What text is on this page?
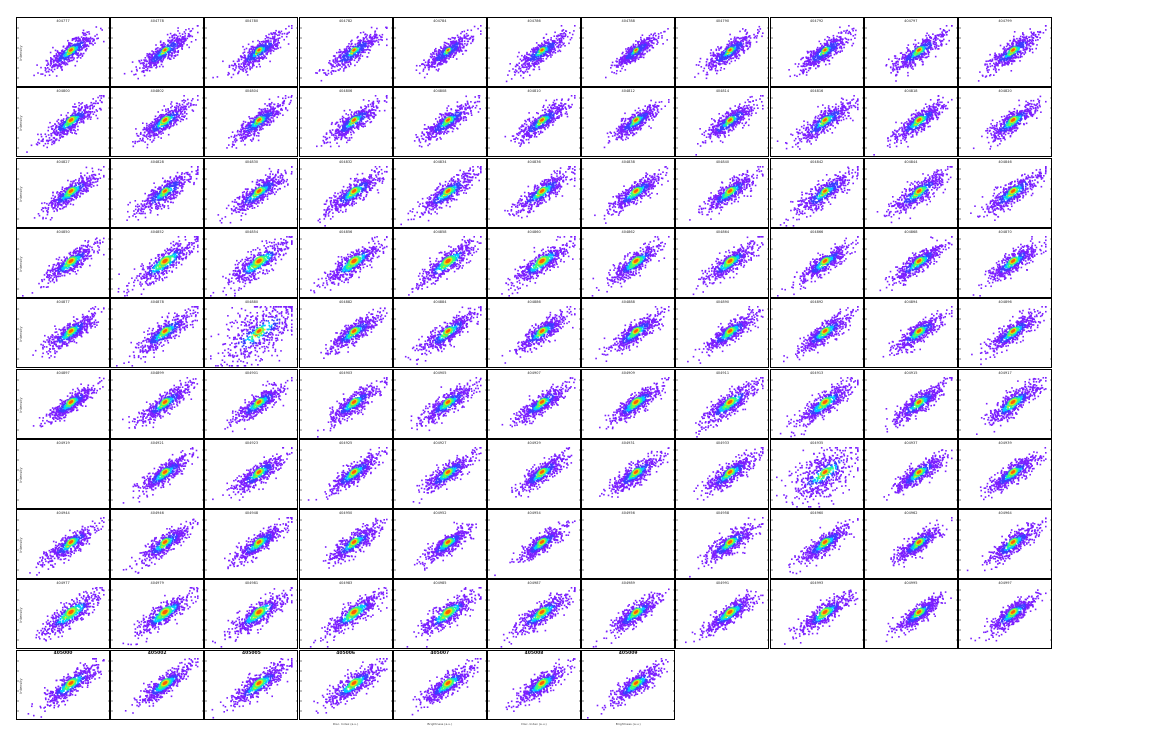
404777
Intensity
404778	404780	404782	404784	404786	404788	404790	404792	404797	404799
404800
Intensity
404802	404804	404806	404808	404810	404812	404814	404816	404818	404820
404827
Intensity
404828	404830	404832	404834	404836	404838	404840	404842	404844	404846
404850
Intensity
404852	404854	404856	404858	404860	404862	404864	404866	404868	404870
404877
Intensity
404878	404880	404882	404884	404886	404888	404890	404892	404894	404896
404897
Intensity
404899	404901	404903	404905	404907	404909	404911	404913	404915	404917
404919
Intensity
404921	404923	404925	404927	404929	404931	404933	404935	404937	404939
404944
Intensity
404946	404948	404950	404952	404954	404956	404958	404960	404962	404964
404977
Intensity
404979	404981	404983	404985	404987	404989	404991	404993	404995	404997
405000
Intensity
405002	405005	405006	405007	405008	405009
Disc. Index (a.u.)	Brightness (a.u.)	Disc. Index (a.u.)	Brightness (a.u.)
